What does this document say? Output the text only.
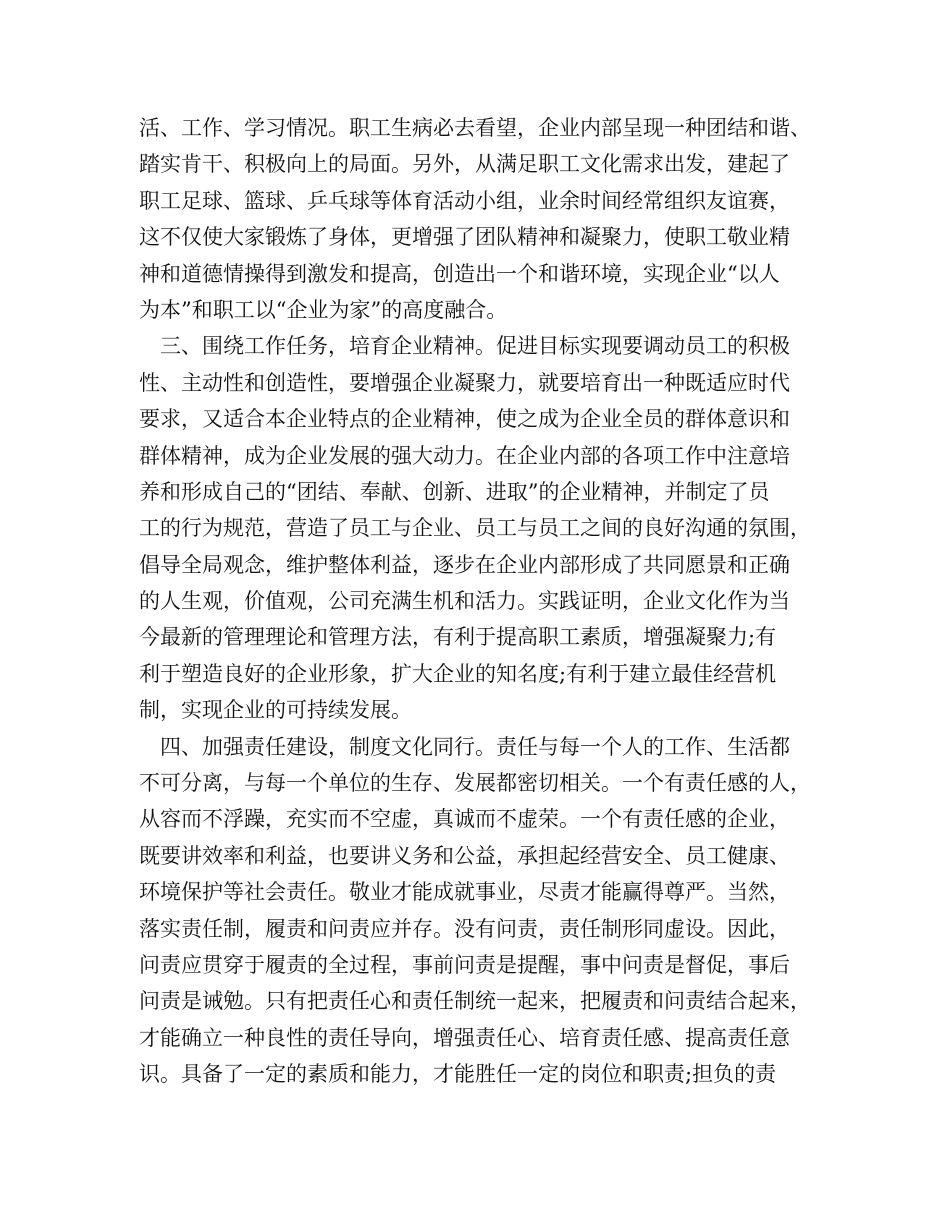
活、工作、学习情况。职工生病必去看望，企业内部呈现一种团结和谐、
踏实肯干、积极向上的局面。另外，从满足职工文化需求出发，建起了
职工足球、篮球、乒乓球等体育活动小组，业余时间经常组织友谊赛，
这不仅使大家锻炼了身体，更增强了团队精神和凝聚力，使职工敬业精
神和道德情操得到激发和提高，创造出一个和谐环境，实现企业“以人
为本”和职工以“企业为家”的高度融合。
　三、围绕工作任务，培育企业精神。促进目标实现要调动员工的积极
性、主动性和创造性，要增强企业凝聚力，就要培育出一种既适应时代
要求，又适合本企业特点的企业精神，使之成为企业全员的群体意识和
群体精神，成为企业发展的强大动力。在企业内部的各项工作中注意培
养和形成自己的“团结、奉献、创新、进取”的企业精神，并制定了员
工的行为规范，营造了员工与企业、员工与员工之间的良好沟通的氛围，
倡导全局观念，维护整体利益，逐步在企业内部形成了共同愿景和正确
的人生观，价值观，公司充满生机和活力。实践证明，企业文化作为当
今最新的管理理论和管理方法，有利于提高职工素质，增强凝聚力;有
利于塑造良好的企业形象，扩大企业的知名度;有利于建立最佳经营机
制，实现企业的可持续发展。
　四、加强责任建设，制度文化同行。责任与每一个人的工作、生活都
不可分离，与每一个单位的生存、发展都密切相关。一个有责任感的人，
从容而不浮躁，充实而不空虚，真诚而不虚荣。一个有责任感的企业，
既要讲效率和利益，也要讲义务和公益，承担起经营安全、员工健康、
环境保护等社会责任。敬业才能成就事业，尽责才能赢得尊严。当然，
落实责任制，履责和问责应并存。没有问责，责任制形同虚设。因此，
问责应贯穿于履责的全过程，事前问责是提醒，事中问责是督促，事后
问责是诫勉。只有把责任心和责任制统一起来，把履责和问责结合起来，
才能确立一种良性的责任导向，增强责任心、培育责任感、提高责任意
识。具备了一定的素质和能力，才能胜任一定的岗位和职责;担负的责
